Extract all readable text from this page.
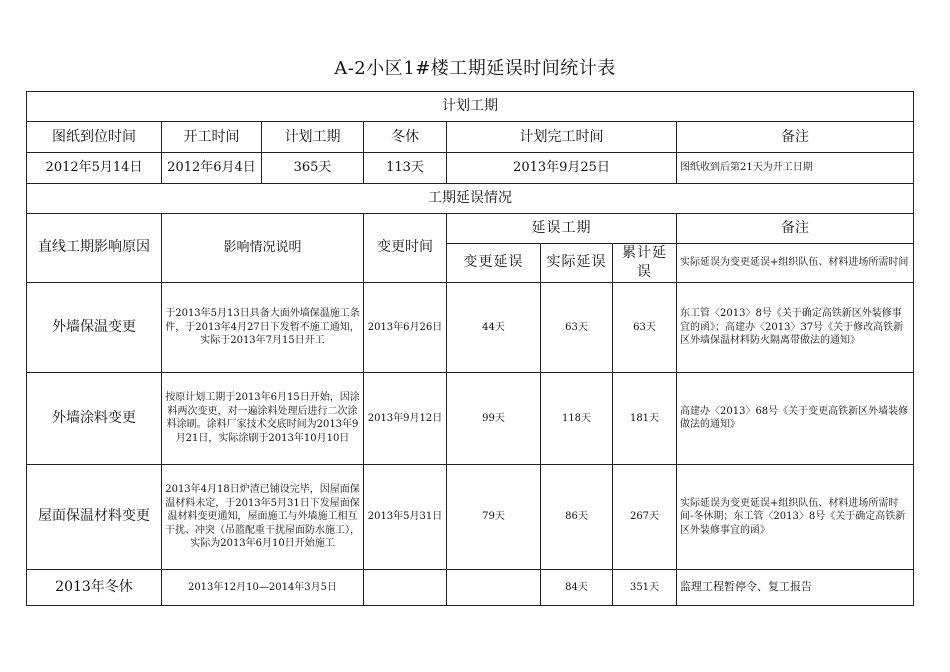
A-2小区1#楼工期延误时间统计表
计划工期							
图纸到位时间	开工时间	计划工期	冬休	计划完工时间			备注
2012年5月14日	2012年6月4日	365天	113天	2013年9月25日			图纸收到后第21天为开工日期
工期延误情况							
直线工期影响原因	影响情况说明		变更时间	延误工期			备注
				变更延误	实际延误	累计延误	实际延误为变更延误+组织队伍、材料进场所需时间
外墙保温变更	于2013年5月13日具备大面外墙保温施工条件，于2013年4月27日下发暂不施工通知，实际于2013年7月15日开工		2013年6月26日	44天	63天	63天	东工管〈2013〉8号《关于确定高铁新区外装修事宜的函》；高建办〈2013〉37号《关于修改高铁新区外墙保温材料防火隔离带做法的通知》
外墙涂料变更	按原计划工期于2013年6月15日开始，因涂料两次变更，对一遍涂料处理后进行二次涂料涂刷。涂料厂家技术交底时间为2013年9月21日，实际涂刷于2013年10月10日		2013年9月12日	99天	118天	181天	高建办〈2013〉68号《关于变更高铁新区外墙装修做法的通知》
屋面保温材料变更	2013年4月18日炉渣已铺设完毕，因屋面保温材料未定，于2013年5月31日下发屋面保温材料变更通知，屋面施工与外墙施工相互干扰、冲突（吊篮配重干扰屋面防水施工），实际为2013年6月10日开始施工		2013年5月31日	79天	86天	267天	实际延误为变更延误+组织队伍、材料进场所需时间-冬休期；东工管〈2013〉8号《关于确定高铁新区外装修事宜的函》
2013年冬休	2013年12月10—2014年3月5日				84天	351天	监理工程暂停令、复工报告
